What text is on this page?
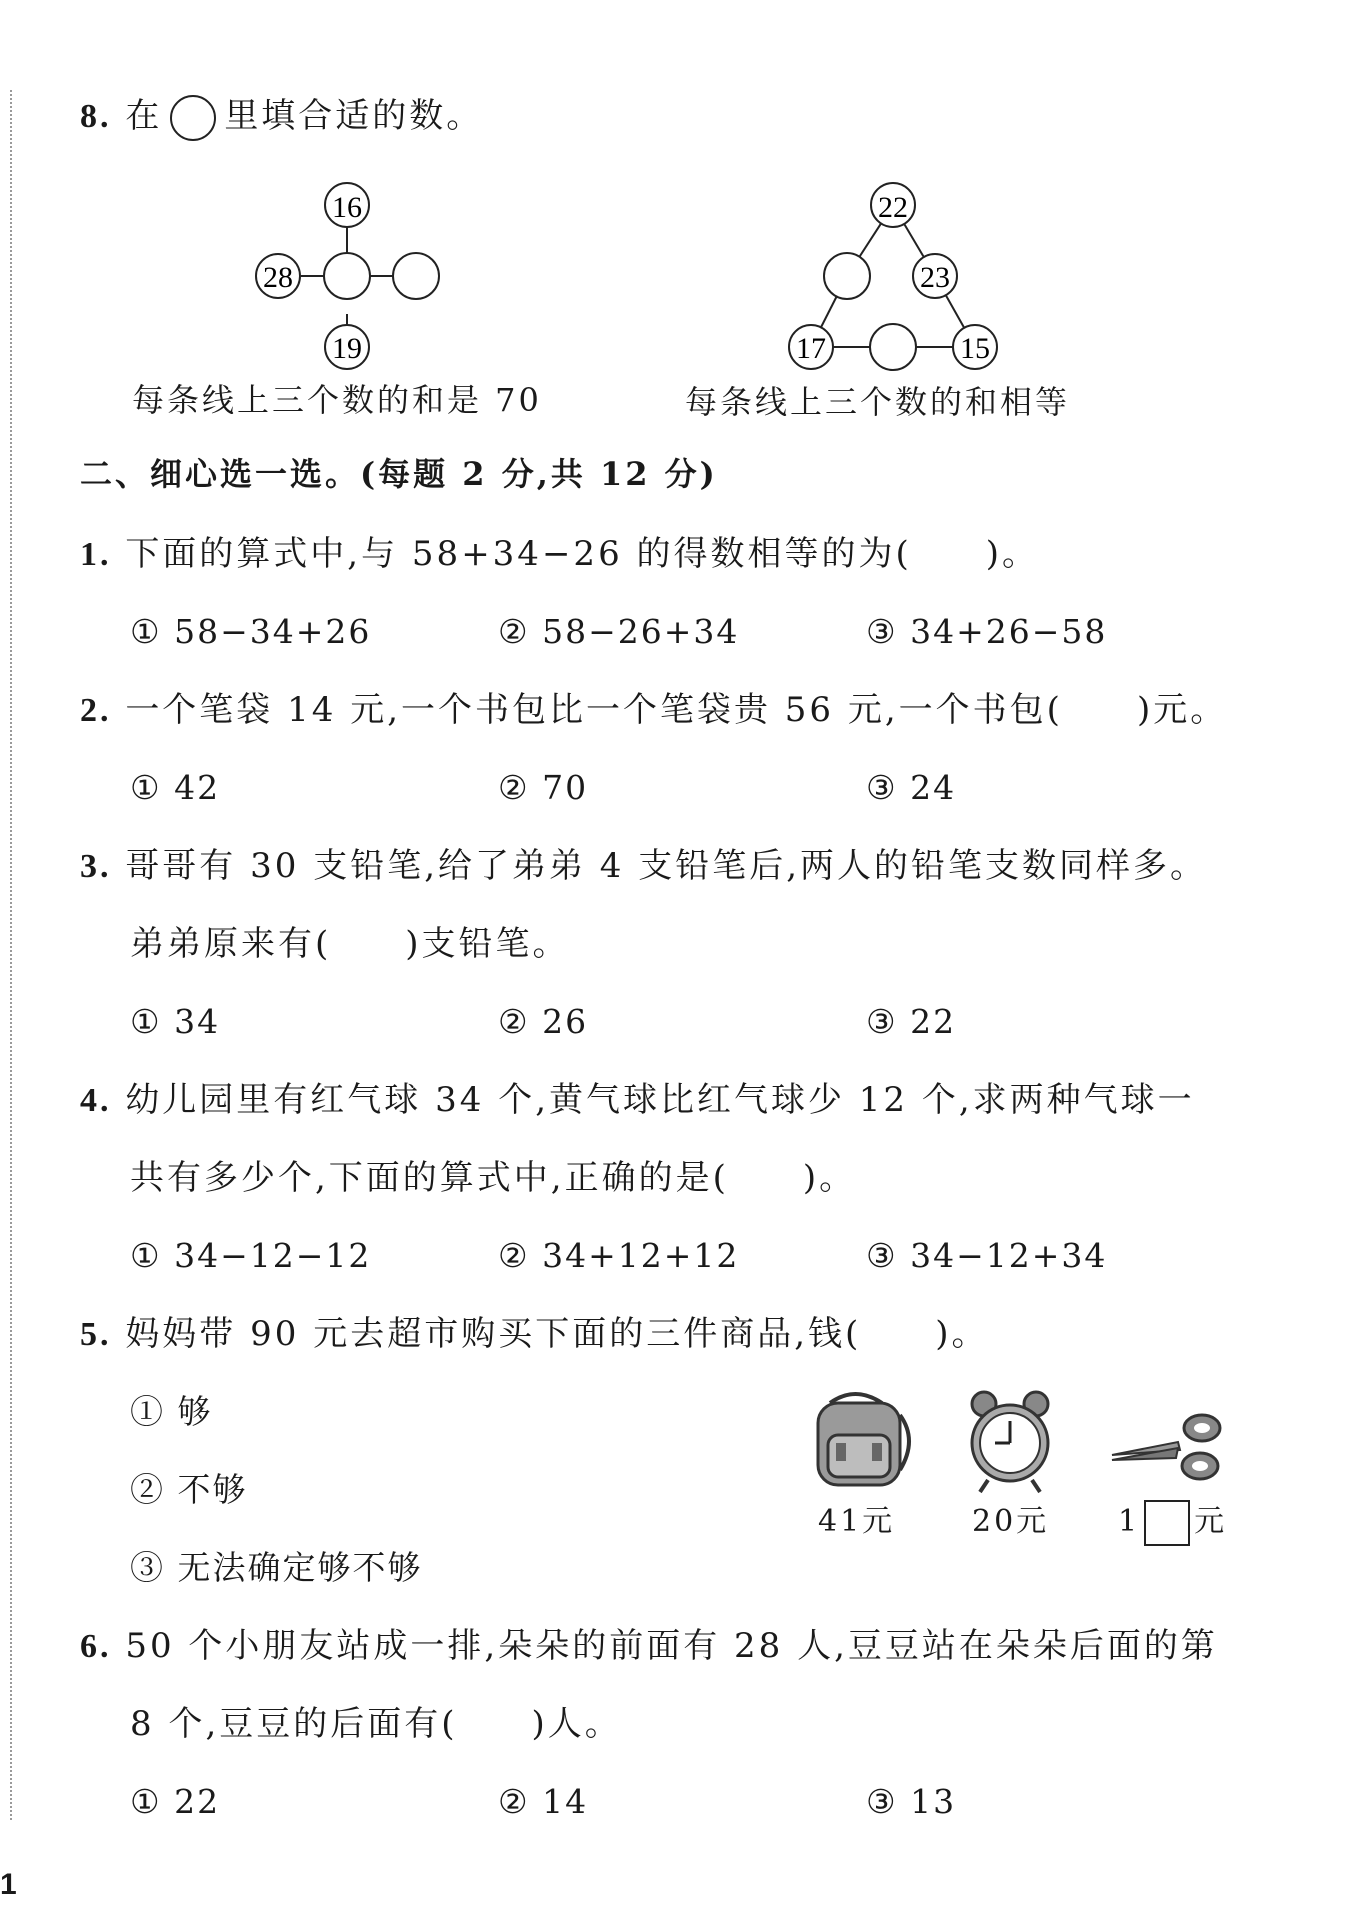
8. 在 里填合适的数。
16
28
19
每条线上三个数的和是 70
22
23
17	15
每条线上三个数的和相等
二、细心选一选。(每题 2 分,共 12 分)
1. 下面的算式中,与 58+34−26 的得数相等的为(　　)。
① 58−34+26	② 58−26+34	③ 34+26−58
2. 一个笔袋 14 元,一个书包比一个笔袋贵 56 元,一个书包(　　)元。
① 42	② 70	③ 24
3. 哥哥有 30 支铅笔,给了弟弟 4 支铅笔后,两人的铅笔支数同样多。
弟弟原来有(　　)支铅笔。
① 34	② 26	③ 22
4. 幼儿园里有红气球 34 个,黄气球比红气球少 12 个,求两种气球一
共有多少个,下面的算式中,正确的是(　　)。
① 34−12−12	② 34+12+12	③ 34−12+34
5. 妈妈带 90 元去超市购买下面的三件商品,钱(　　)。
① 够
② 不够
③ 无法确定够不够
41元	20元 1 元
6. 50 个小朋友站成一排,朵朵的前面有 28 人,豆豆站在朵朵后面的第
8 个,豆豆的后面有(　　)人。
① 22	② 14	③ 13
1
